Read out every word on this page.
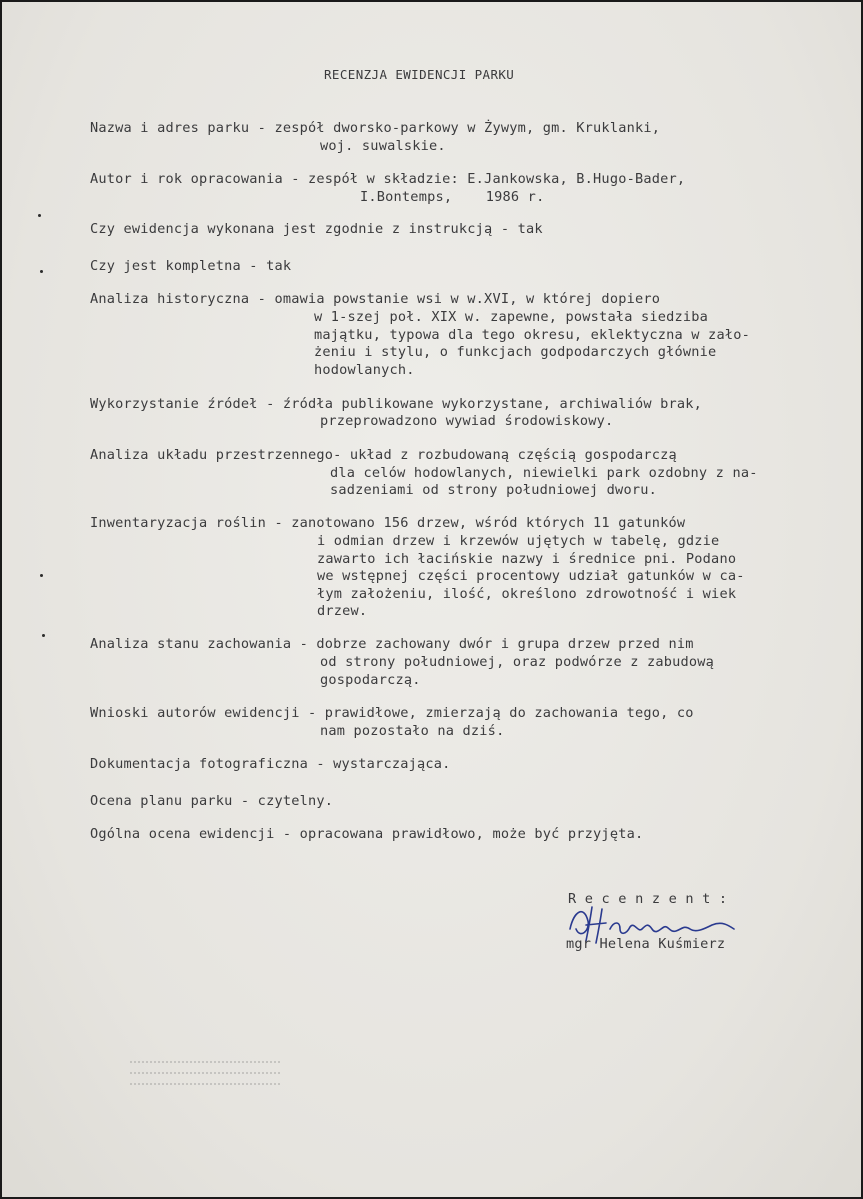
RECENZJA EWIDENCJI PARKU
Nazwa i adres parku - zespół dworsko-parkowy w Żywym, gm. Kruklanki,
woj. suwalskie.
Autor i rok opracowania - zespół w składzie: E.Jankowska, B.Hugo-Bader,
I.Bontemps,    1986 r.
Czy ewidencja wykonana jest zgodnie z instrukcją - tak
Czy jest kompletna - tak
Analiza historyczna - omawia powstanie wsi w w.XVI, w której dopiero
w 1-szej poł. XIX w. zapewne, powstała siedziba
majątku, typowa dla tego okresu, eklektyczna w zało-
żeniu i stylu, o funkcjach godpodarczych głównie
hodowlanych.
Wykorzystanie źródeł - źródła publikowane wykorzystane, archiwaliów brak,
przeprowadzono wywiad środowiskowy.
Analiza układu przestrzennego- układ z rozbudowaną częścią gospodarczą
dla celów hodowlanych, niewielki park ozdobny z na-
sadzeniami od strony południowej dworu.
Inwentaryzacja roślin - zanotowano 156 drzew, wśród których 11 gatunków
i odmian drzew i krzewów ujętych w tabelę, gdzie
zawarto ich łacińskie nazwy i średnice pni. Podano
we wstępnej części procentowy udział gatunków w ca-
łym założeniu, ilość, określono zdrowotność i wiek
drzew.
Analiza stanu zachowania - dobrze zachowany dwór i grupa drzew przed nim
od strony południowej, oraz podwórze z zabudową
gospodarczą.
Wnioski autorów ewidencji - prawidłowe, zmierzają do zachowania tego, co
nam pozostało na dziś.
Dokumentacja fotograficzna - wystarczająca.
Ocena planu parku - czytelny.
Ogólna ocena ewidencji - opracowana prawidłowo, może być przyjęta.
R e c e n z e n t :
mgr Helena Kuśmierz
